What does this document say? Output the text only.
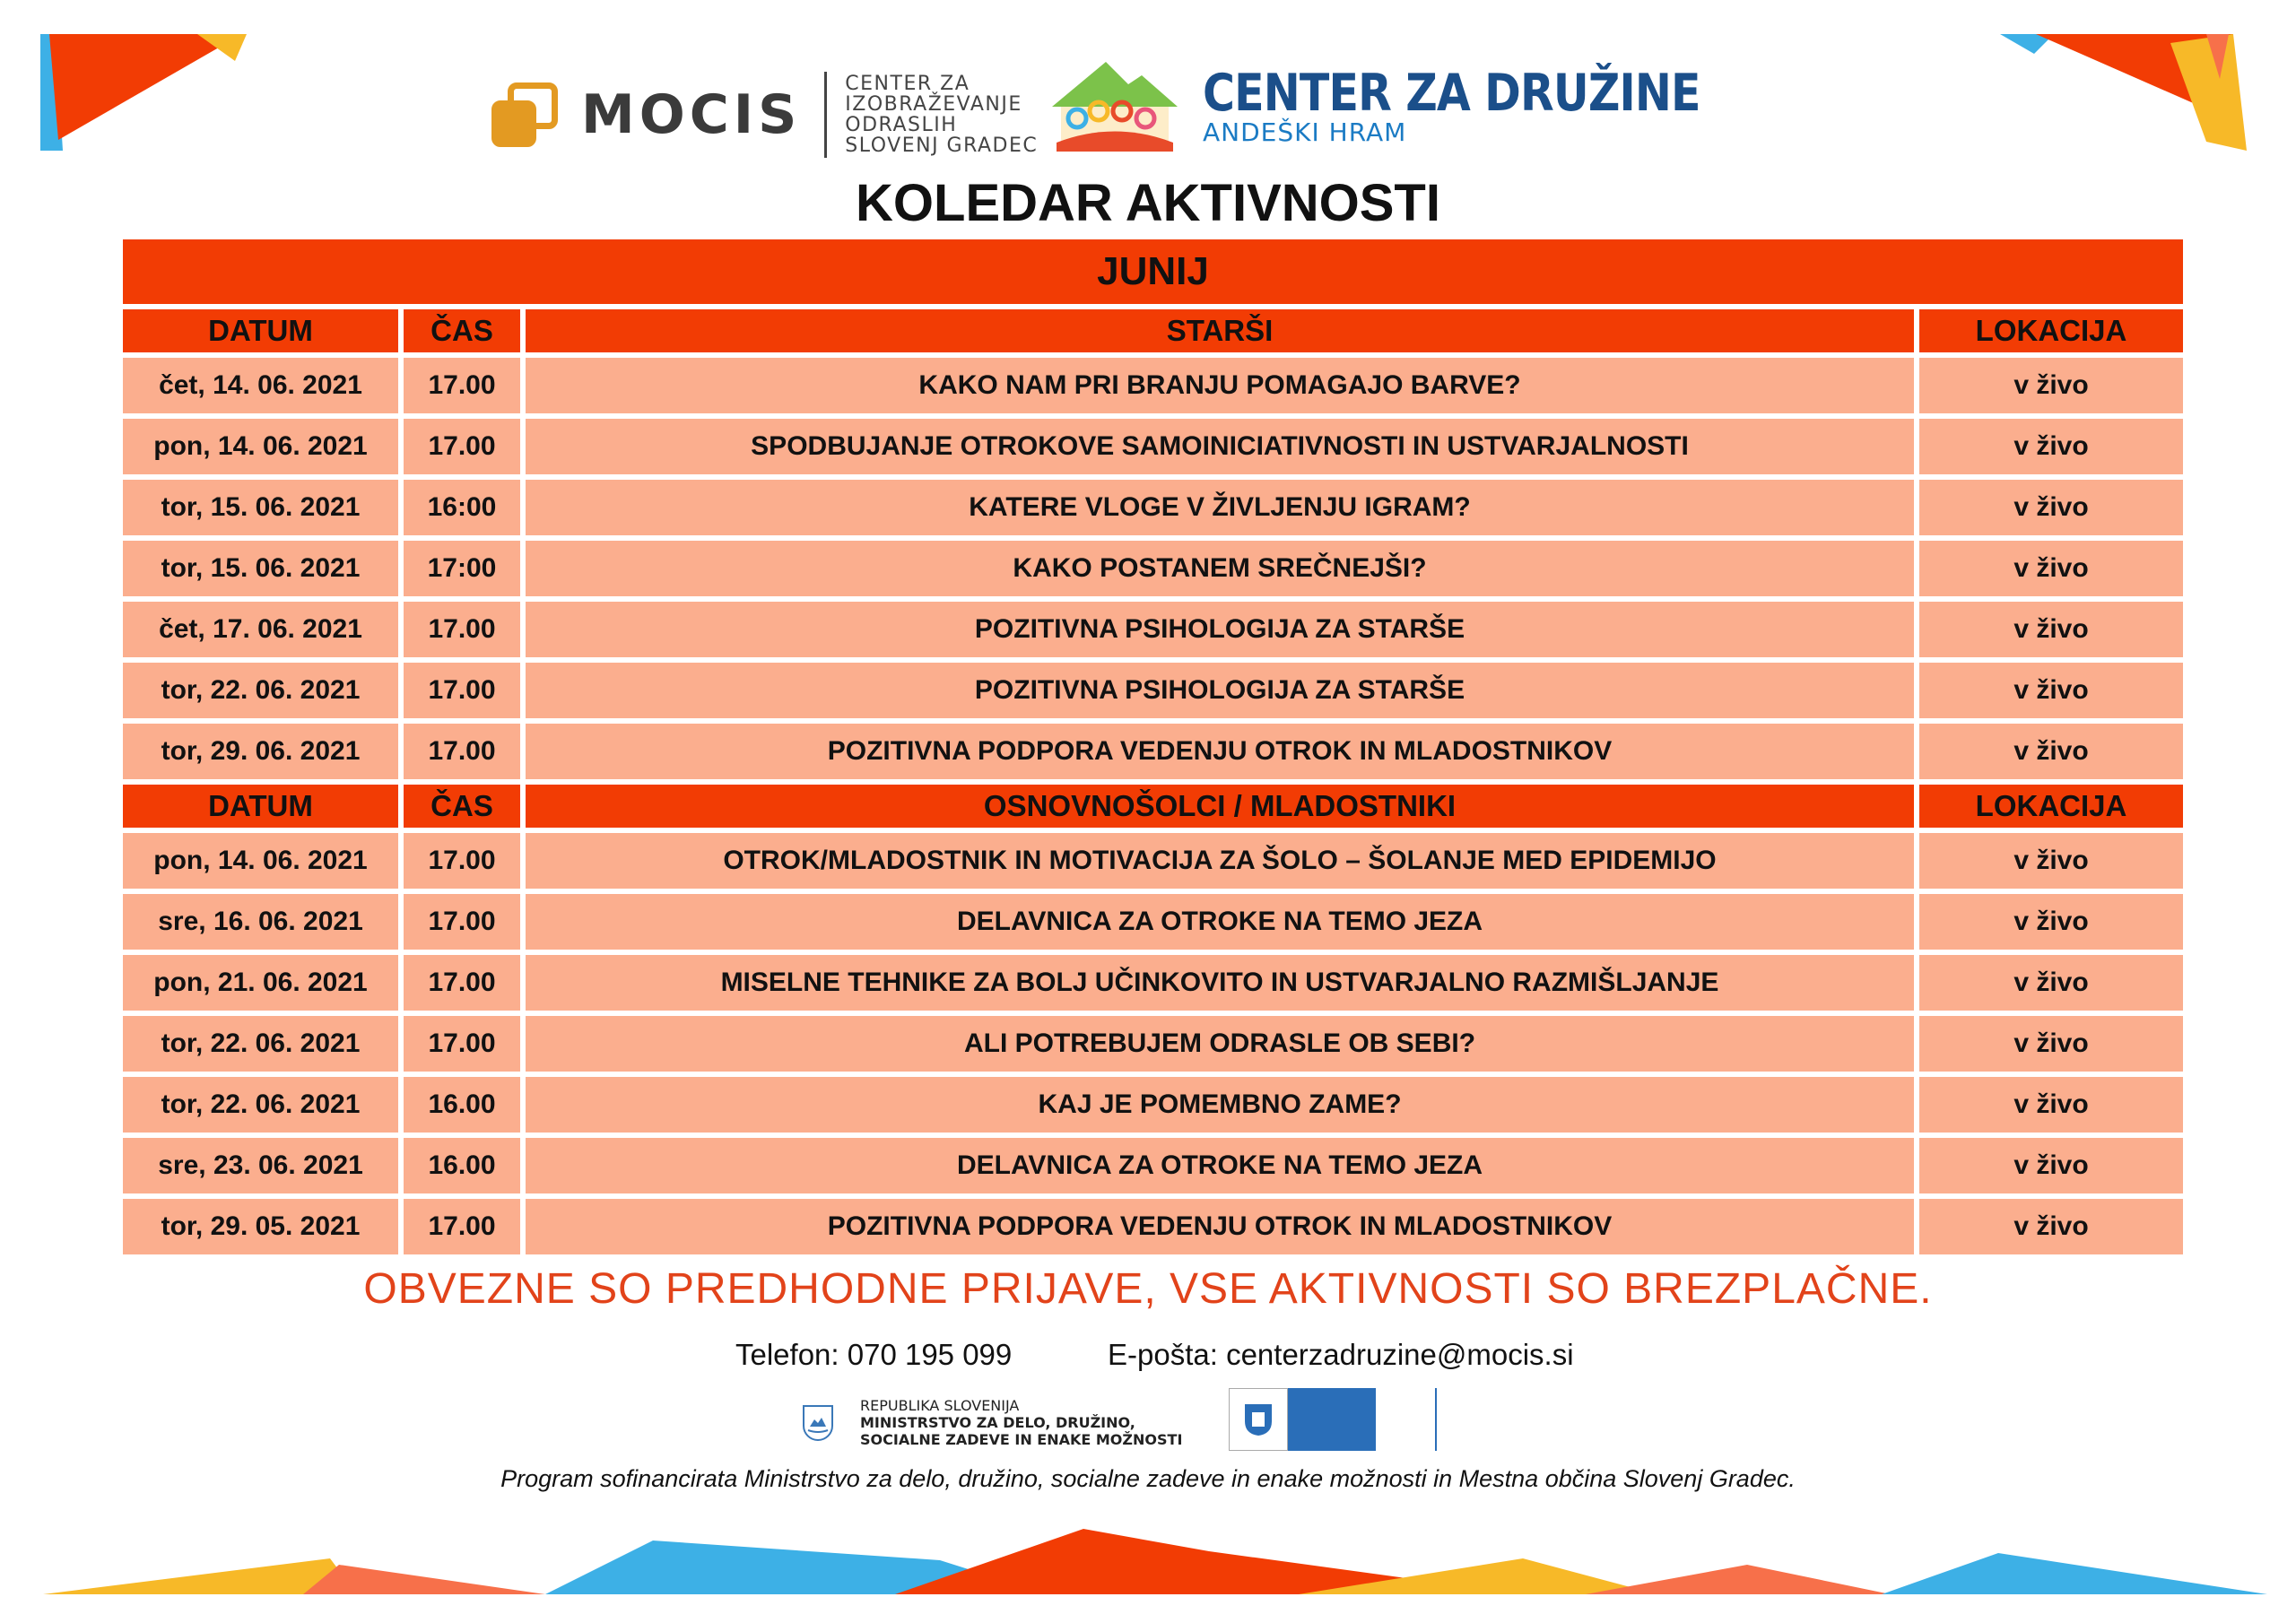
MOCIS CENTER ZA
IZOBRAŽEVANJE
ODRASLIH
SLOVENJ GRADEC
CENTER ZA DRUŽINE
ANDEŠKI HRAM
KOLEDAR AKTIVNOSTI
JUNIJ
DATUM	ČAS	STARŠI	LOKACIJA
čet, 14. 06. 2021	17.00	KAKO NAM PRI BRANJU POMAGAJO BARVE?	v živo
pon, 14. 06. 2021	17.00	SPODBUJANJE OTROKOVE SAMOINICIATIVNOSTI IN USTVARJALNOSTI	v živo
tor, 15. 06. 2021	16:00	KATERE VLOGE V ŽIVLJENJU IGRAM?	v živo
tor, 15. 06. 2021	17:00	KAKO POSTANEM SREČNEJŠI?	v živo
čet, 17. 06. 2021	17.00	POZITIVNA PSIHOLOGIJA ZA STARŠE	v živo
tor, 22. 06. 2021	17.00	POZITIVNA PSIHOLOGIJA ZA STARŠE	v živo
tor, 29. 06. 2021	17.00	POZITIVNA PODPORA VEDENJU OTROK IN MLADOSTNIKOV	v živo
DATUM	ČAS	OSNOVNOŠOLCI / MLADOSTNIKI	LOKACIJA
pon, 14. 06. 2021	17.00	OTROK/MLADOSTNIK IN MOTIVACIJA ZA ŠOLO – ŠOLANJE MED EPIDEMIJO	v živo
sre, 16. 06. 2021	17.00	DELAVNICA ZA OTROKE NA TEMO JEZA	v živo
pon, 21. 06. 2021	17.00	MISELNE TEHNIKE ZA BOLJ UČINKOVITO IN USTVARJALNO RAZMIŠLJANJE	v živo
tor, 22. 06. 2021	17.00	ALI POTREBUJEM ODRASLE OB SEBI?	v živo
tor, 22. 06. 2021	16.00	KAJ JE POMEMBNO ZAME?	v živo
sre, 23. 06. 2021	16.00	DELAVNICA ZA OTROKE NA TEMO JEZA	v živo
tor, 29. 05. 2021	17.00	POZITIVNA PODPORA VEDENJU OTROK IN MLADOSTNIKOV	v živo
OBVEZNE SO PREDHODNE PRIJAVE, VSE AKTIVNOSTI SO BREZPLAČNE.
Telefon: 070 195 099	E-pošta: centerzadruzine@mocis.si
REPUBLIKA SLOVENIJA
MINISTRSTVO ZA DELO, DRUŽINO,
SOCIALNE ZADEVE IN ENAKE MOŽNOSTI
Program sofinancirata Ministrstvo za delo, družino, socialne zadeve in enake možnosti in Mestna občina Slovenj Gradec.
